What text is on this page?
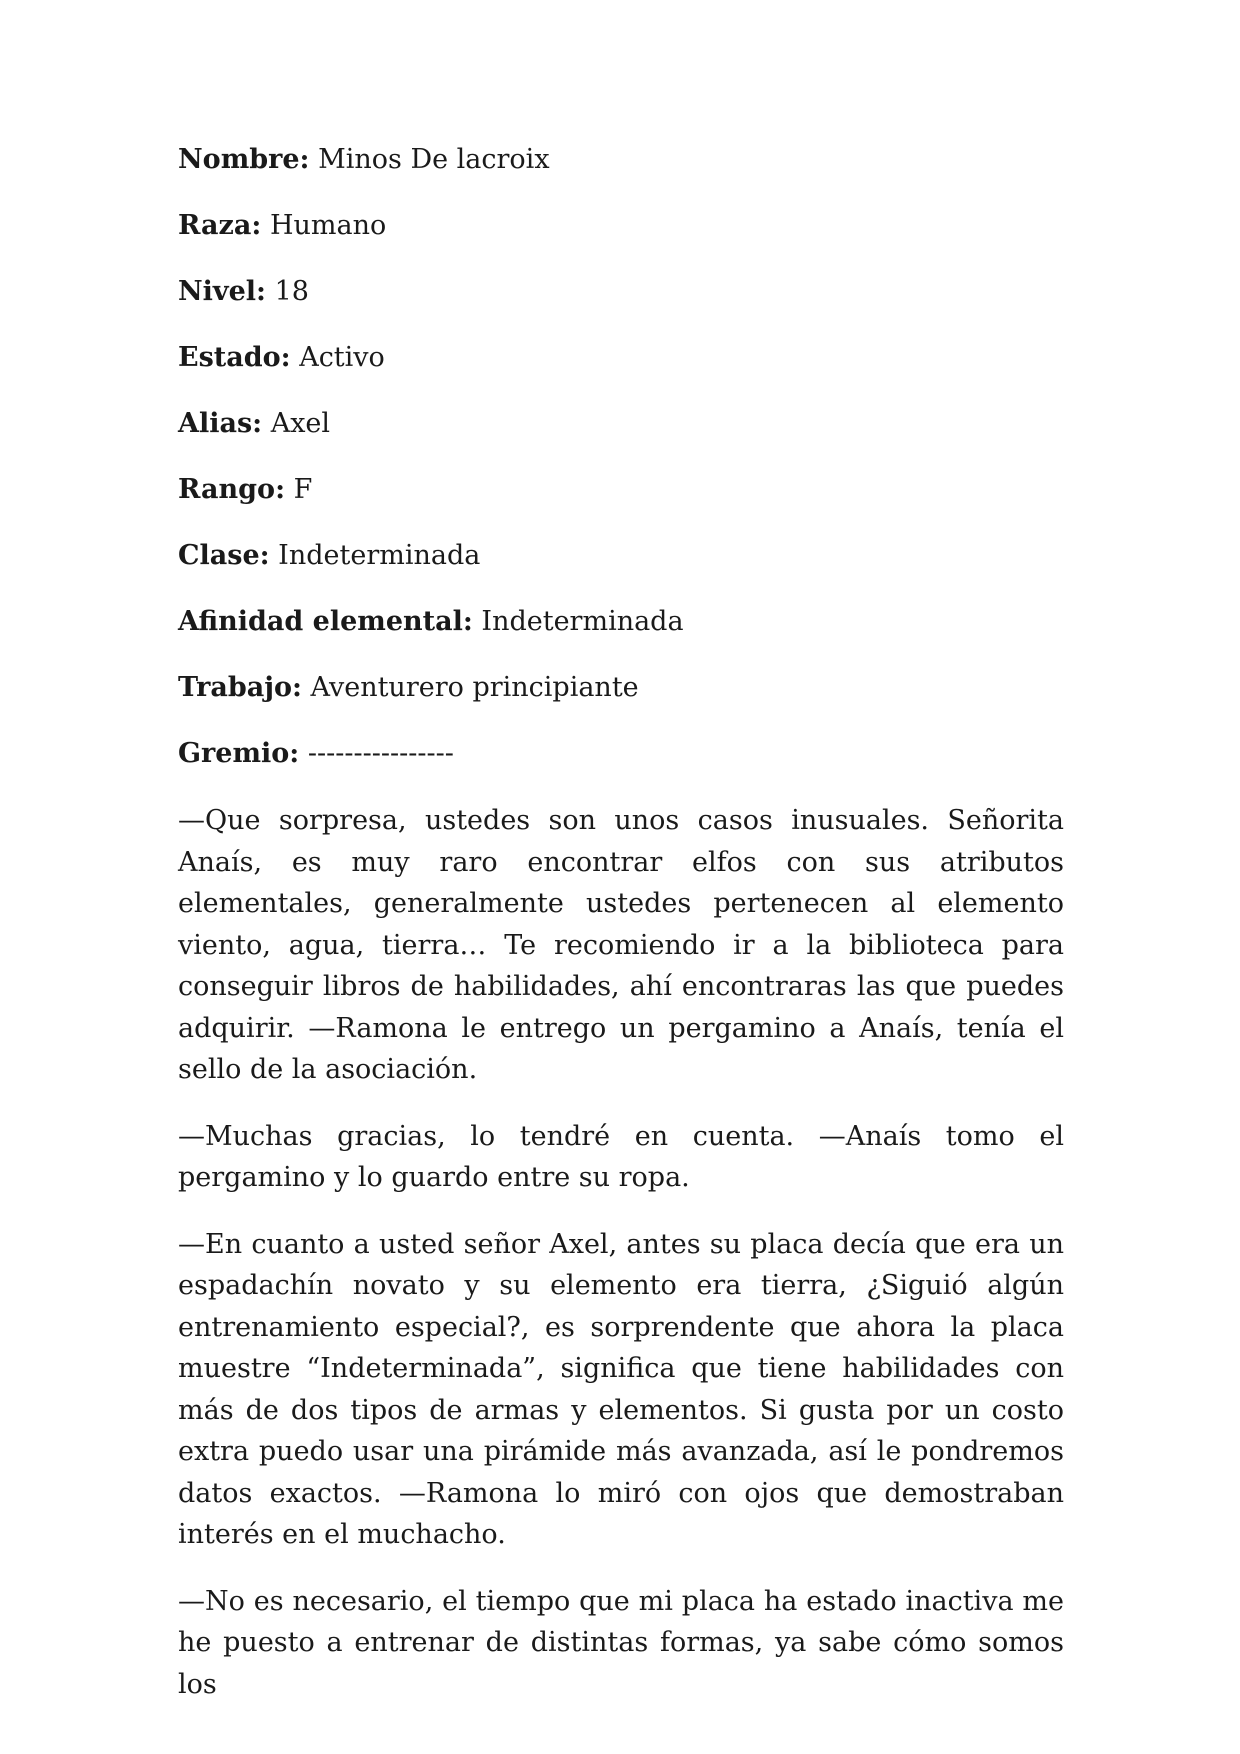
Nombre: Minos De lacroix
Raza: Humano
Nivel: 18
Estado: Activo
Alias: Axel
Rango: F
Clase: Indeterminada
Afinidad elemental: Indeterminada
Trabajo: Aventurero principiante
Gremio: ----------------

—Que sorpresa, ustedes son unos casos inusuales. Señorita Anaís, es muy raro encontrar elfos con sus atributos elementales, generalmente ustedes pertenecen al elemento viento, agua, tierra… Te recomiendo ir a la biblioteca para conseguir libros de habilidades, ahí encontraras las que puedes adquirir. —Ramona le entrego un pergamino a Anaís, tenía el sello de la asociación.

—Muchas gracias, lo tendré en cuenta. —Anaís tomo el pergamino y lo guardo entre su ropa.

—En cuanto a usted señor Axel, antes su placa decía que era un espadachín novato y su elemento era tierra, ¿Siguió algún entrenamiento especial?, es sorprendente que ahora la placa muestre “Indeterminada”, significa que tiene habilidades con más de dos tipos de armas y elementos. Si gusta por un costo extra puedo usar una pirámide más avanzada, así le pondremos datos exactos. —Ramona lo miró con ojos que demostraban interés en el muchacho.

—No es necesario, el tiempo que mi placa ha estado inactiva me he puesto a entrenar de distintas formas, ya sabe cómo somos los
